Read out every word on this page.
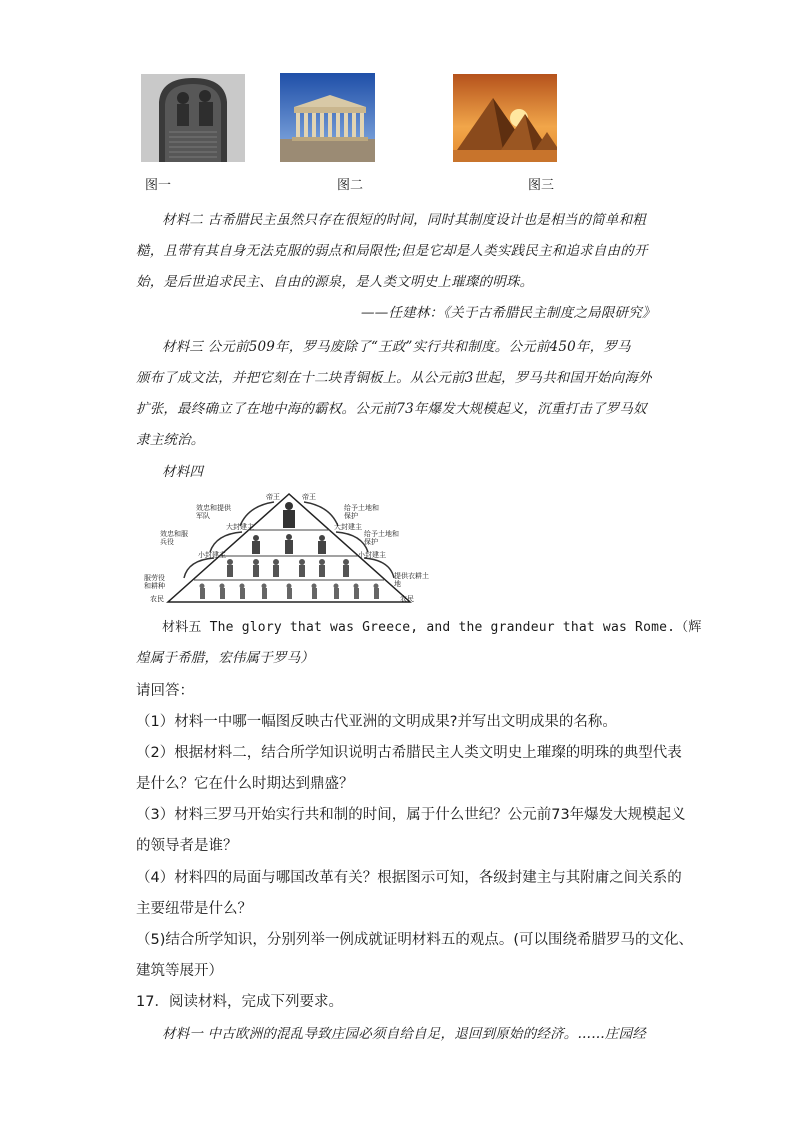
图一	图二	图三
材料二 古希腊民主虽然只存在很短的时间，同时其制度设计也是相当的简单和粗
糙，且带有其自身无法克服的弱点和局限性;但是它却是人类实践民主和追求自由的开
始，是后世追求民主、自由的源泉，是人类文明史上璀璨的明珠。
——任建林：《关于古希腊民主制度之局限研究》
材料三 公元前509年，罗马废除了“王政”实行共和制度。公元前450年，罗马
颁布了成文法，并把它刻在十二块青铜板上。从公元前3世起，罗马共和国开始向海外
扩张，最终确立了在地中海的霸权。公元前73年爆发大规模起义，沉重打击了罗马奴
隶主统治。
材料四
效忠和提供军队
效忠和服兵役
服劳役和耕种
给予土地和保护
给予土地和保护
提供衣耕土地
帝王
大封建主
小封建主
农民
帝王
大封建主
小封建主
农民
材料五 The glory that was Greece, and the grandeur that was Rome.（辉
煌属于希腊，宏伟属于罗马）
请回答：
（1）材料一中哪一幅图反映古代亚洲的文明成果?并写出文明成果的名称。
（2）根据材料二，结合所学知识说明古希腊民主人类文明史上璀璨的明珠的典型代表
是什么？它在什么时期达到鼎盛？
（3）材料三罗马开始实行共和制的时间，属于什么世纪？公元前73年爆发大规模起义
的领导者是谁？
（4）材料四的局面与哪国改革有关？根据图示可知，各级封建主与其附庸之间关系的
主要纽带是什么？
（5)结合所学知识，分别列举一例成就证明材料五的观点。(可以围绕希腊罗马的文化、
建筑等展开）
17．阅读材料，完成下列要求。
材料一 中古欧洲的混乱导致庄园必须自给自足，退回到原始的经济。……庄园经
